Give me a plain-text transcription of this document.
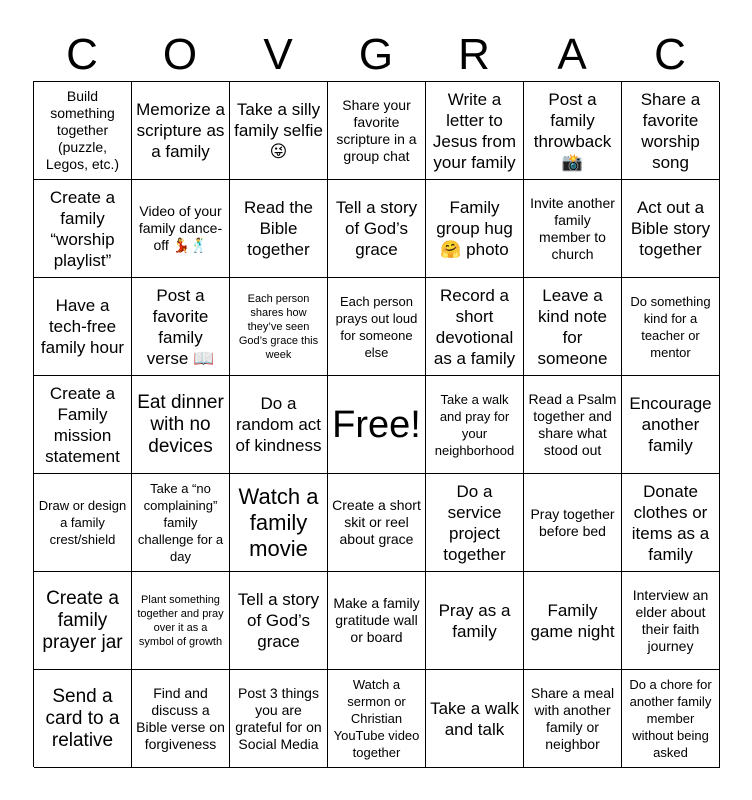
C	O	V	G	R	A	C
Build something together (puzzle, Legos, etc.)
Memorize a scripture as a family
Take a silly family selfie 😜
Share your favorite scripture in a group chat
Write a letter to Jesus from your family
Post a family throwback 📸
Share a favorite worship song
Create a family “worship playlist”
Video of your family dance-off 💃🕺
Read the Bible together
Tell a story of God’s grace
Family group hug 🤗 photo
Invite another family member to church
Act out a Bible story together
Have a tech-free family hour
Post a favorite family verse 📖
Each person shares how they’ve seen God’s grace this week
Each person prays out loud for someone else
Record a short devotional as a family
Leave a kind note for someone
Do something kind for a teacher or mentor
Create a Family mission statement
Eat dinner with no devices
Do a random act of kindness Free!
Take a walk and pray for your neighborhood
Read a Psalm together and share what stood out
Encourage another family
Draw or design a family crest/shield
Take a “no complaining” family challenge for a day
Watch a family movie
Create a short skit or reel about grace
Do a service project together
Pray together before bed
Donate clothes or items as a family
Create a family prayer jar
Plant something together and pray over it as a symbol of growth
Tell a story of God’s grace
Make a family gratitude wall or board
Pray as a family
Family game night
Interview an elder about their faith journey
Send a card to a relative
Find and discuss a Bible verse on forgiveness
Post 3 things you are grateful for on Social Media
Watch a sermon or Christian YouTube video together
Take a walk and talk
Share a meal with another family or neighbor
Do a chore for another family member without being asked
